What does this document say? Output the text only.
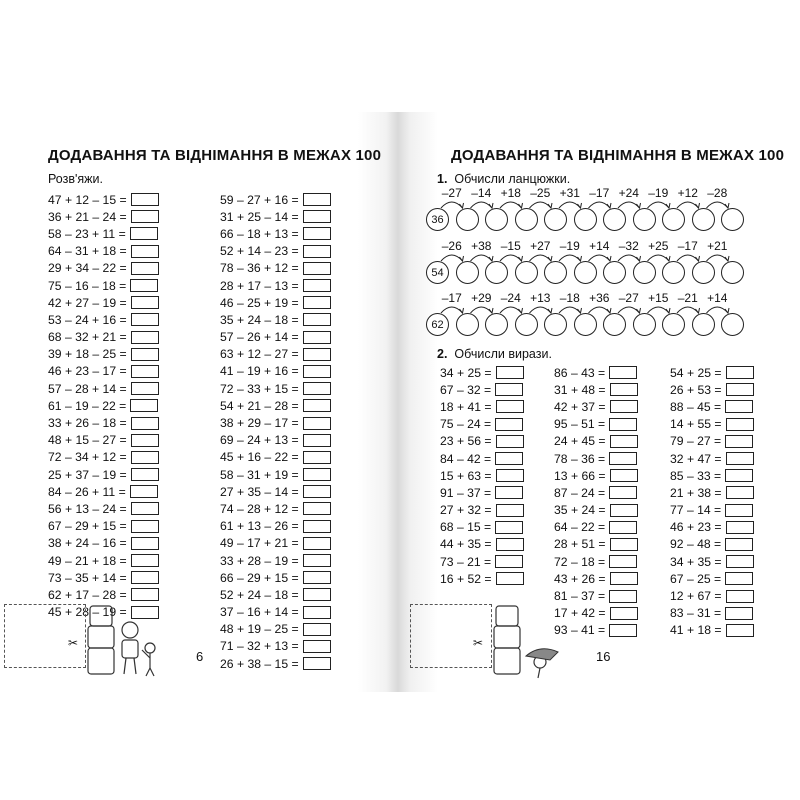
ДОДАВАННЯ ТА ВІДНІМАННЯ В МЕЖАХ 100
Розв'яжи.
47 + 12 – 15 =
36 + 21 – 24 =
58 – 23 + 11 =
64 – 31 + 18 =
29 + 34 – 22 =
75 – 16 – 18 =
42 + 27 – 19 =
53 – 24 + 16 =
68 – 32 + 21 =
39 + 18 – 25 =
46 + 23 – 17 =
57 – 28 + 14 =
61 – 19 – 22 =
33 + 26 – 18 =
48 + 15 – 27 =
72 – 34 + 12 =
25 + 37 – 19 =
84 – 26 + 11 =
56 + 13 – 24 =
67 – 29 + 15 =
38 + 24 – 16 =
49 – 21 + 18 =
73 – 35 + 14 =
62 + 17 – 28 =
45 + 28 – 19 =
59 – 27 + 16 =
31 + 25 – 14 =
66 – 18 + 13 =
52 + 14 – 23 =
78 – 36 + 12 =
28 + 17 – 13 =
46 – 25 + 19 =
35 + 24 – 18 =
57 – 26 + 14 =
63 + 12 – 27 =
41 – 19 + 16 =
72 – 33 + 15 =
54 + 21 – 28 =
38 + 29 – 17 =
69 – 24 + 13 =
45 + 16 – 22 =
58 – 31 + 19 =
27 + 35 – 14 =
74 – 28 + 12 =
61 + 13 – 26 =
49 – 17 + 21 =
33 + 28 – 19 =
66 – 29 + 15 =
52 + 24 – 18 =
37 – 16 + 14 =
48 + 19 – 25 =
71 – 32 + 13 =
26 + 38 – 15 =
✂
6
ДОДАВАННЯ ТА ВІДНІМАННЯ В МЕЖАХ 100
1. Обчисли ланцюжки.
–27 –14 +18 –25 +31 –17 +24 –19 +12 –28
36
–26 +38 –15 +27 –19 +14 –32 +25 –17 +21
54
–17 +29 –24 +13 –18 +36 –27 +15 –21 +14
62
2. Обчисли вирази.
34 + 25 =
67 – 32 =
18 + 41 =
75 – 24 =
23 + 56 =
84 – 42 =
15 + 63 =
91 – 37 =
27 + 32 =
68 – 15 =
44 + 35 =
73 – 21 =
16 + 52 =
86 – 43 =
31 + 48 =
42 + 37 =
95 – 51 =
24 + 45 =
78 – 36 =
13 + 66 =
87 – 24 =
35 + 24 =
64 – 22 =
28 + 51 =
72 – 18 =
43 + 26 =
81 – 37 =
17 + 42 =
93 – 41 =
54 + 25 =
26 + 53 =
88 – 45 =
14 + 55 =
79 – 27 =
32 + 47 =
85 – 33 =
21 + 38 =
77 – 14 =
46 + 23 =
92 – 48 =
34 + 35 =
67 – 25 =
12 + 67 =
83 – 31 =
41 + 18 =
✂
16
